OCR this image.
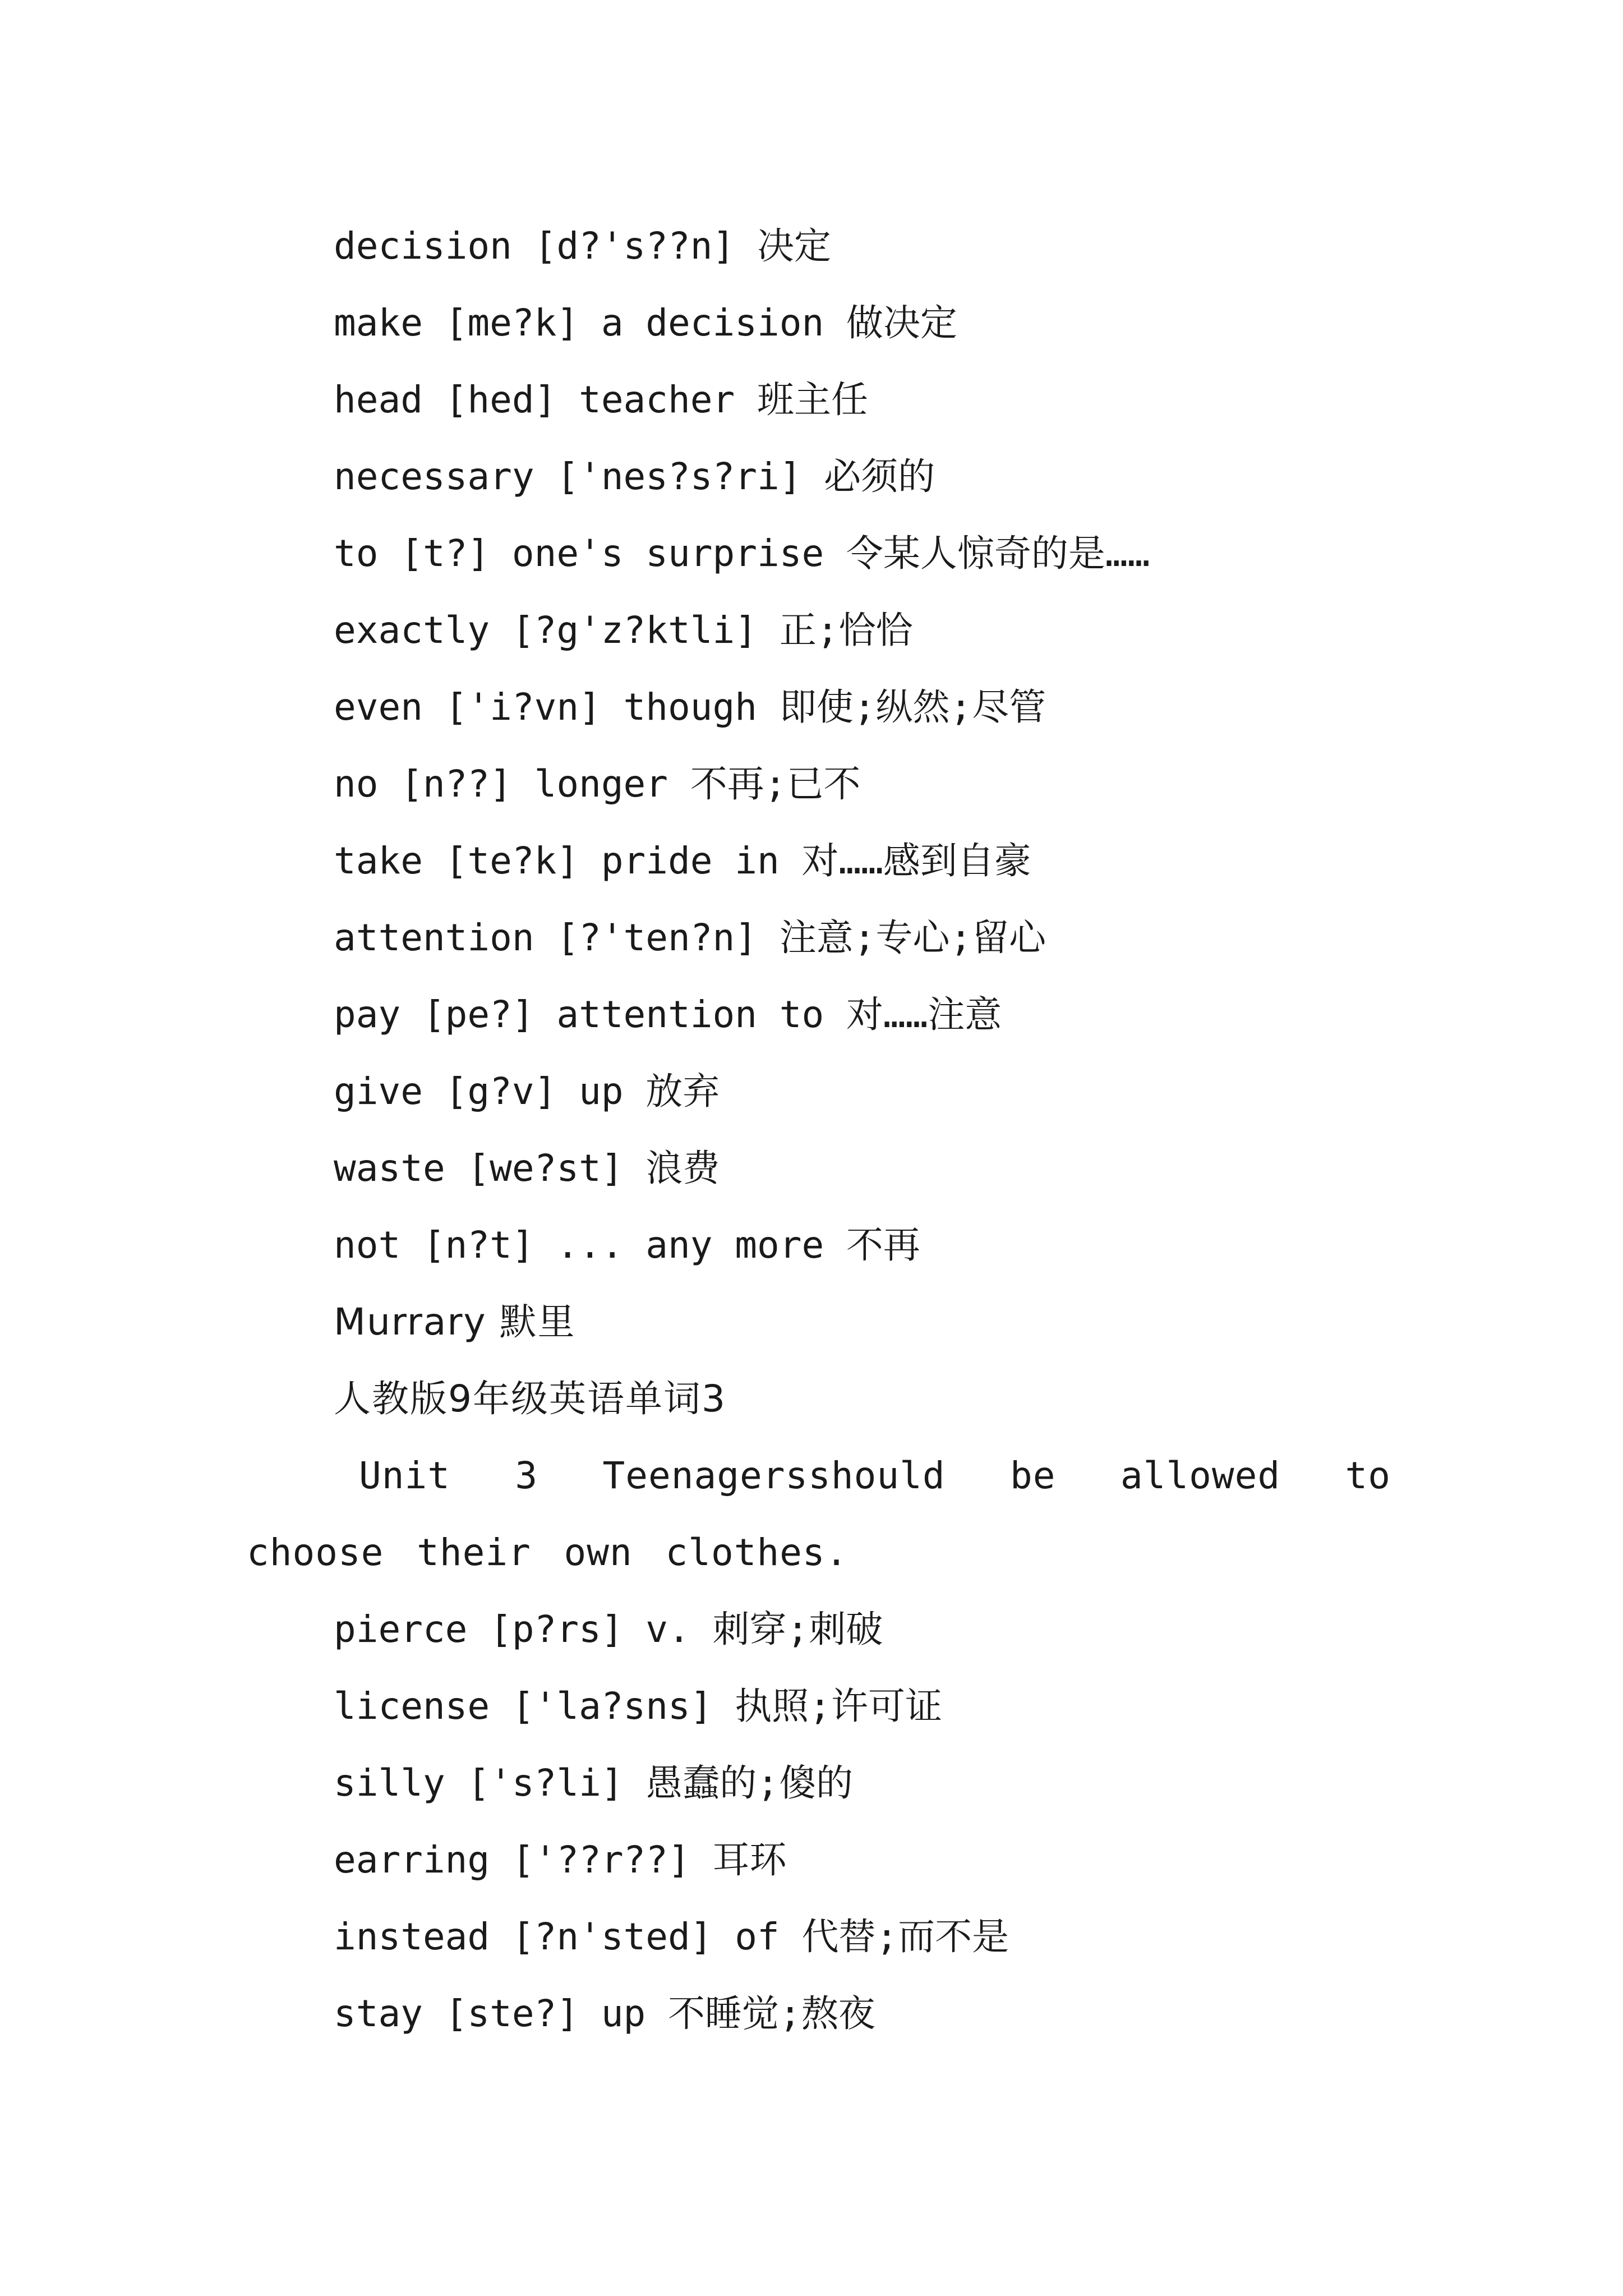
decision [d?'s??n] 决定
make [me?k] a decision 做决定
head [hed] teacher 班主任
necessary ['nes?s?ri] 必须的
to [t?] one's surprise 令某人惊奇的是……
exactly [?g'z?ktli] 正;恰恰
even ['i?vn] though 即使;纵然;尽管
no [n??] longer 不再;已不
take [te?k] pride in 对……感到自豪
attention [?'ten?n] 注意;专心;留心
pay [pe?] attention to 对……注意
give [g?v] up 放弃
waste [we?st] 浪费
not [n?t] ... any more 不再
Murrary 默里
人教版9年级英语单词3
Unit 3 Teenagersshould be allowed to choose their own clothes.
pierce [p?rs] v. 刺穿;刺破
license ['la?sns] 执照;许可证
silly ['s?li] 愚蠢的;傻的
earring ['??r??] 耳环
instead [?n'sted] of 代替;而不是
stay [ste?] up 不睡觉;熬夜
